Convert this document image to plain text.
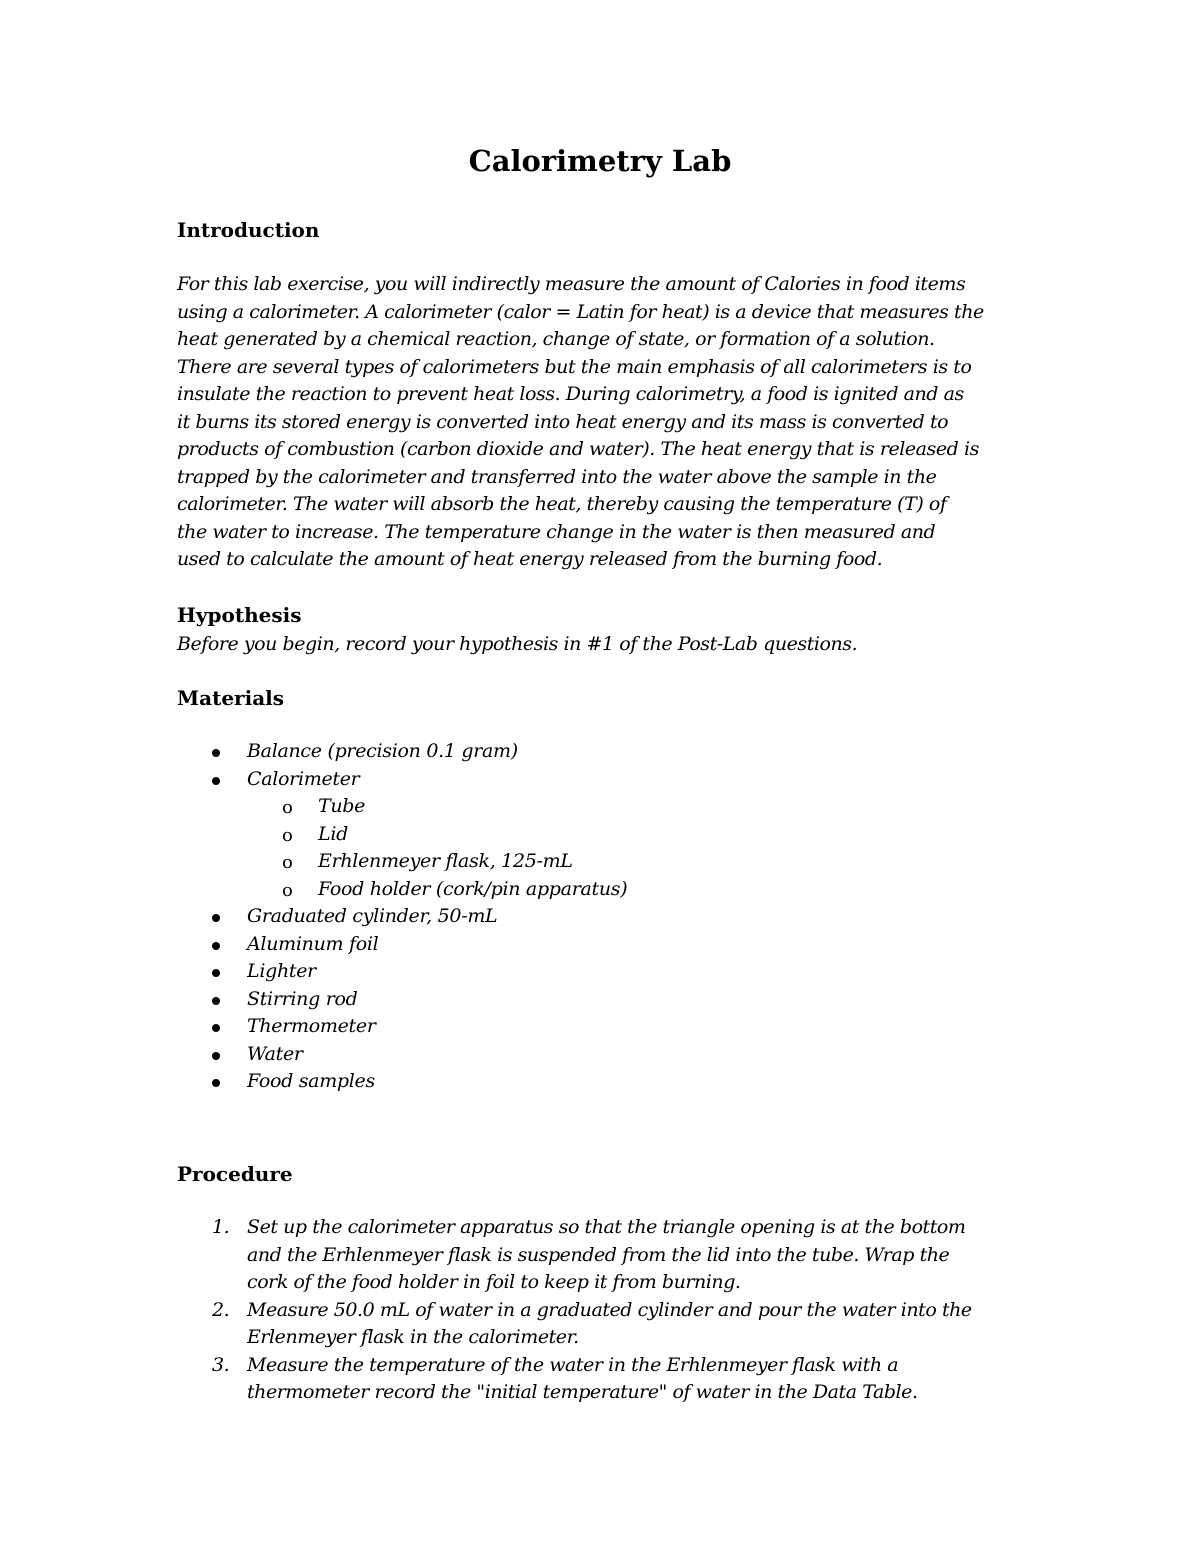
Calorimetry Lab
Introduction
For this lab exercise, you will indirectly measure the amount of Calories in food items
using a calorimeter. A calorimeter (calor = Latin for heat) is a device that measures the
heat generated by a chemical reaction, change of state, or formation of a solution.
There are several types of calorimeters but the main emphasis of all calorimeters is to
insulate the reaction to prevent heat loss. During calorimetry, a food is ignited and as
it burns its stored energy is converted into heat energy and its mass is converted to
products of combustion (carbon dioxide and water). The heat energy that is released is
trapped by the calorimeter and transferred into the water above the sample in the
calorimeter. The water will absorb the heat, thereby causing the temperature (T) of
the water to increase. The temperature change in the water is then measured and
used to calculate the amount of heat energy released from the burning food.
Hypothesis

Before you begin, record your hypothesis in #1 of the Post-Lab questions.

Materials
Balance (precision 0.1 gram)
Calorimeter
o Tube
o Lid
o Erhlenmeyer flask, 125-mL
o Food holder (cork/pin apparatus)
Graduated cylinder, 50-mL
Aluminum foil
Lighter
Stirring rod
Thermometer
Water
Food samples
Procedure
1. Set up the calorimeter apparatus so that the triangle opening is at the bottom
and the Erhlenmeyer flask is suspended from the lid into the tube. Wrap the
cork of the food holder in foil to keep it from burning.
2. Measure 50.0 mL of water in a graduated cylinder and pour the water into the
Erlenmeyer flask in the calorimeter.
3. Measure the temperature of the water in the Erhlenmeyer flask with a
thermometer record the "initial temperature" of water in the Data Table.
